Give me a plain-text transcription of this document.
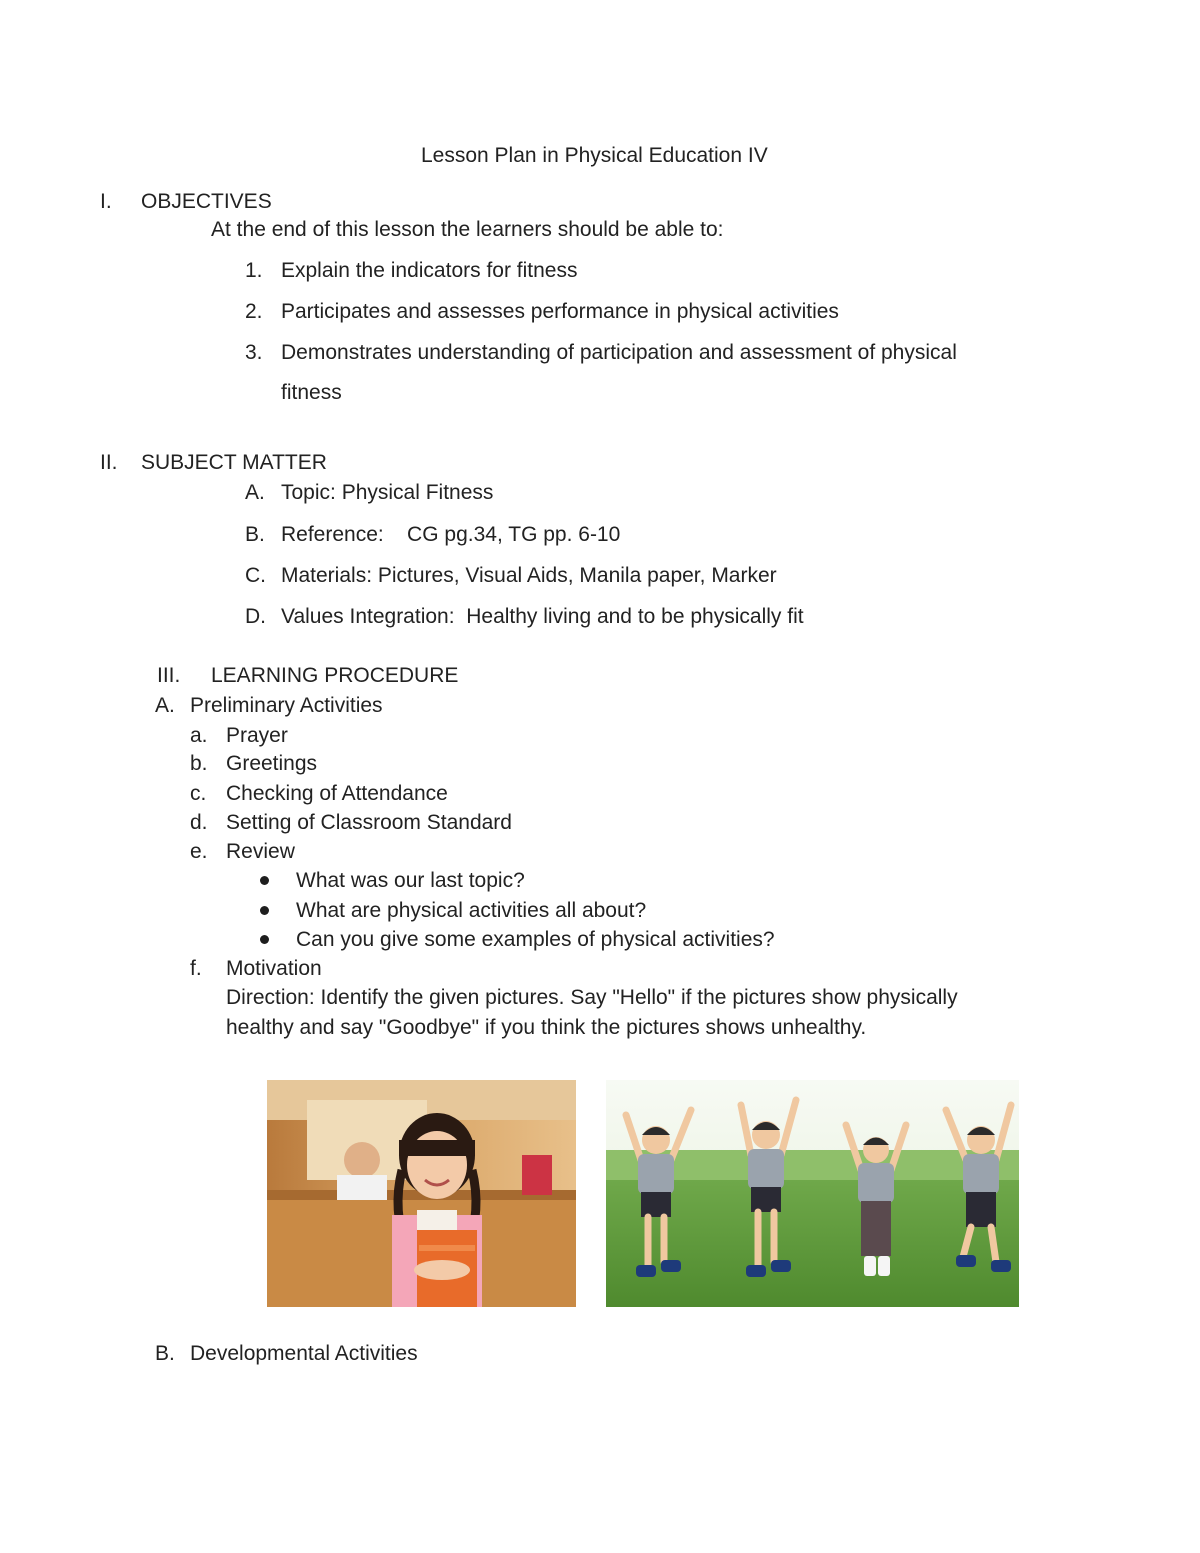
Lesson Plan in Physical Education IV
I. OBJECTIVES
At the end of this lesson the learners should be able to:
1. Explain the indicators for fitness
2. Participates and assesses performance in physical activities
3. Demonstrates understanding of participation and assessment of physical
fitness
II. SUBJECT MATTER
A. Topic: Physical Fitness
B. Reference:    CG pg.34, TG pp. 6-10
C. Materials: Pictures, Visual Aids, Manila paper, Marker
D. Values Integration:  Healthy living and to be physically fit
III. LEARNING PROCEDURE
A. Preliminary Activities
a. Prayer
b. Greetings
c. Checking of Attendance
d. Setting of Classroom Standard
e. Review
What was our last topic?
What are physical activities all about?
Can you give some examples of physical activities?
f. Motivation
Direction: Identify the given pictures. Say "Hello" if the pictures show physically
healthy and say "Goodbye" if you think the pictures shows unhealthy.
B. Developmental Activities
